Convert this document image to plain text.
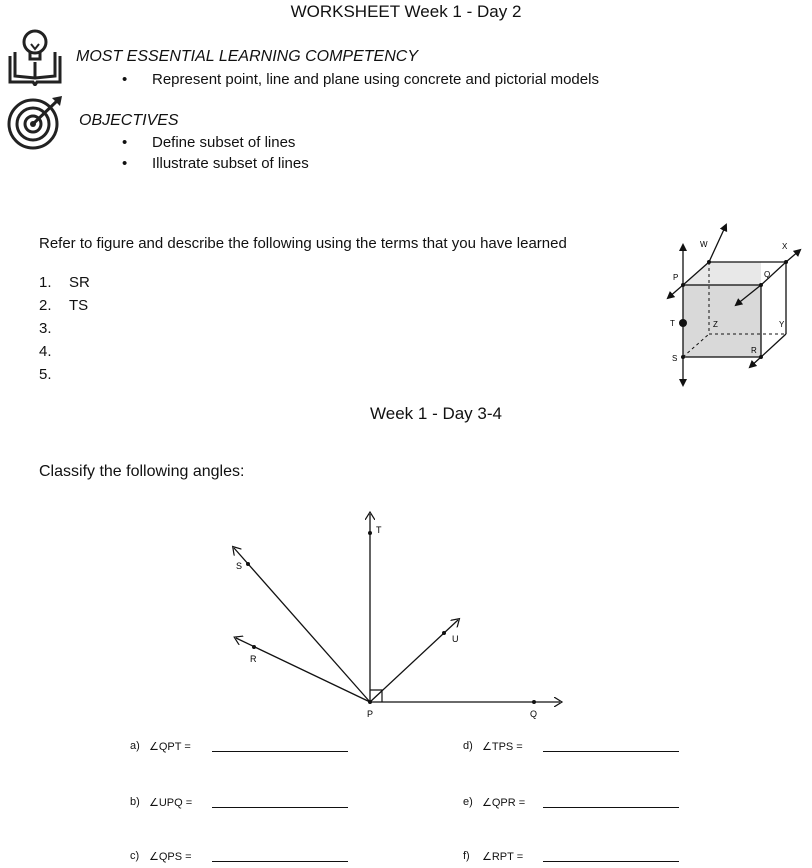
WORKSHEET Week 1 - Day 2
MOST ESSENTIAL LEARNING COMPETENCY
• Represent point, line and plane using concrete and pictorial models
OBJECTIVES
• Define subset of lines
• Illustrate subset of lines
Refer to figure and describe the following using the terms that you have learned
1. SR
2. TS
3.
4.
5.
W	X
P	Q
T	Z	Y
S
R
Week 1 - Day 3-4
Classify the following angles:
T
S
R
U
P	Q
a) ∠QPT =
b) ∠UPQ =
c) ∠QPS =
d) ∠TPS =
e) ∠QPR =
f) ∠RPT =
